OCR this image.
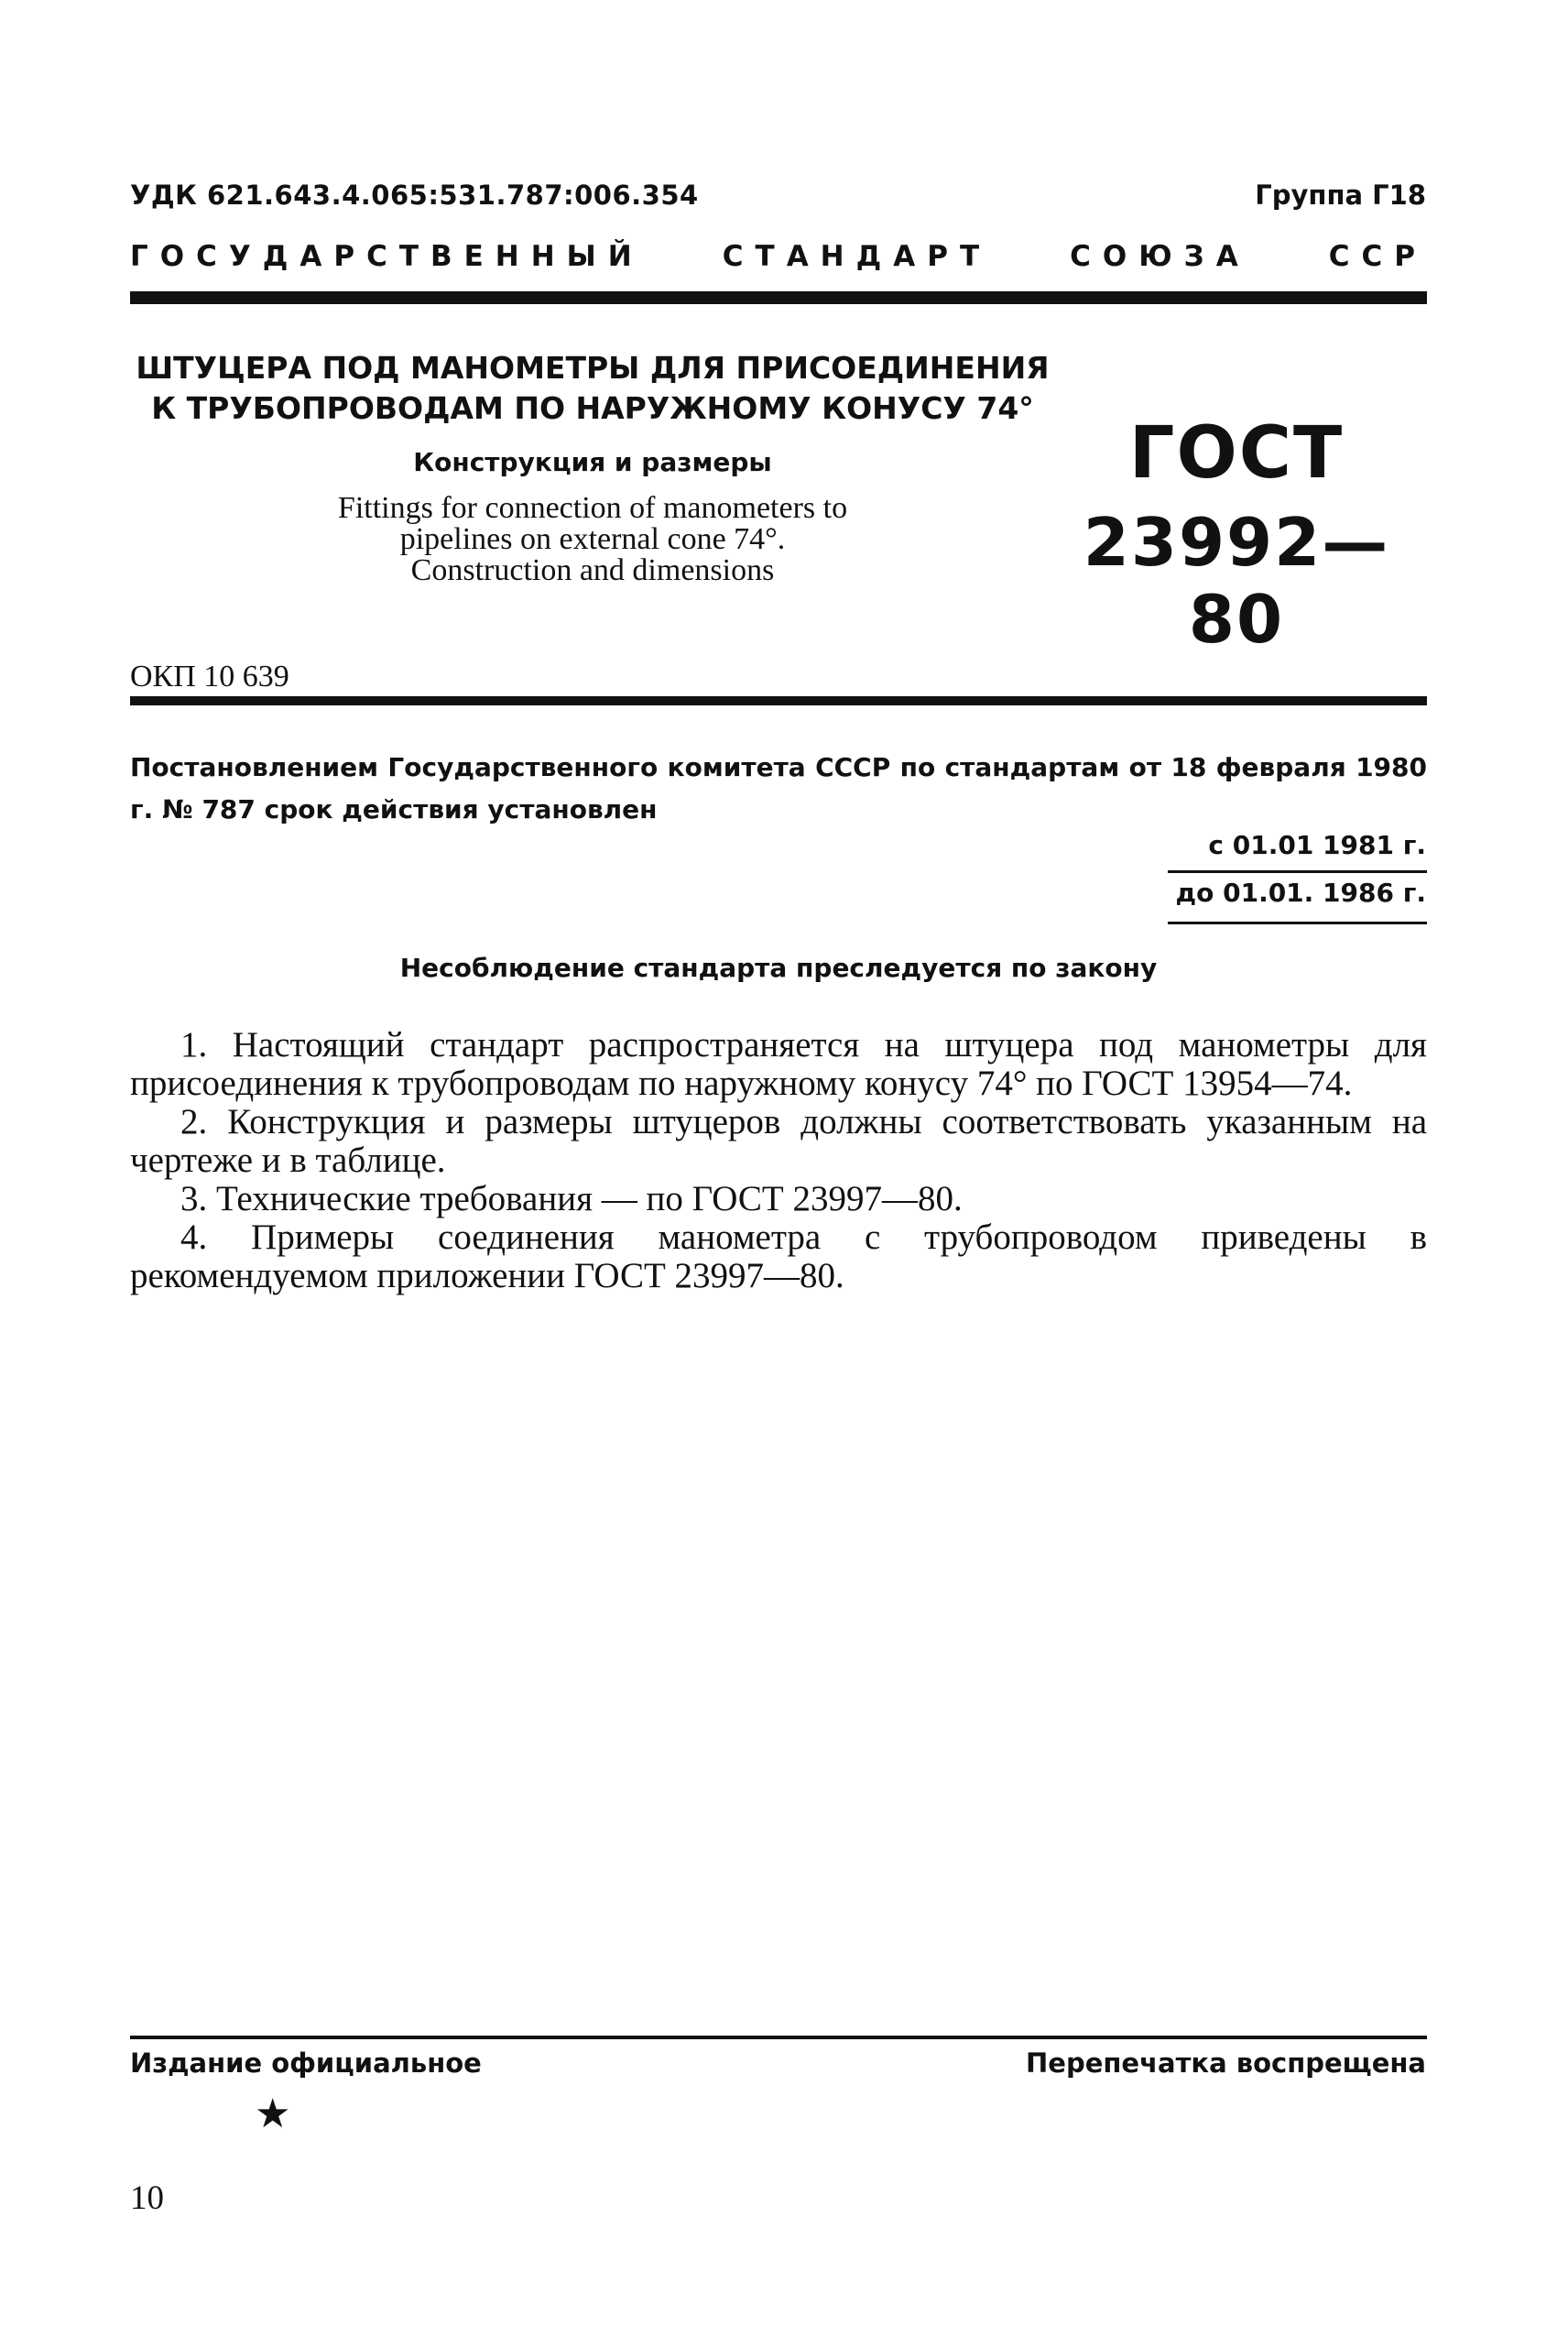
УДК 621.643.4.065:531.787:006.354	Группа Г18
ГОСУДАРСТВЕННЫЙ	СТАНДАРТ	СОЮЗА	ССР
ШТУЦЕРА ПОД МАНОМЕТРЫ ДЛЯ ПРИСОЕДИНЕНИЯ
К ТРУБОПРОВОДАМ ПО НАРУЖНОМУ КОНУСУ 74°
Конструкция и размеры
Fittings for connection of manometers to
pipelines on external cone 74°.
Construction and dimensions
ГОСТ
23992—80
ОКП 10 639
Постановлением Государственного комитета СССР по стандартам от 18 февраля 1980 г. № 787 срок действия установлен
с 01.01 1981 г.
до 01.01. 1986 г.
Несоблюдение стандарта преследуется по закону

1. Настоящий стандарт распространяется на штуцера под манометры для присоединения к трубопроводам по наружному конусу 74° по ГОСТ 13954—74.

2. Конструкция и размеры штуцеров должны соответствовать указанным на чертеже и в таблице.

3. Технические требования — по ГОСТ 23997—80.

4. Примеры соединения манометра с трубопроводом приведены в рекомендуемом приложении ГОСТ 23997—80.

Издание официальное	Перепечатка воспрещена
★
10
